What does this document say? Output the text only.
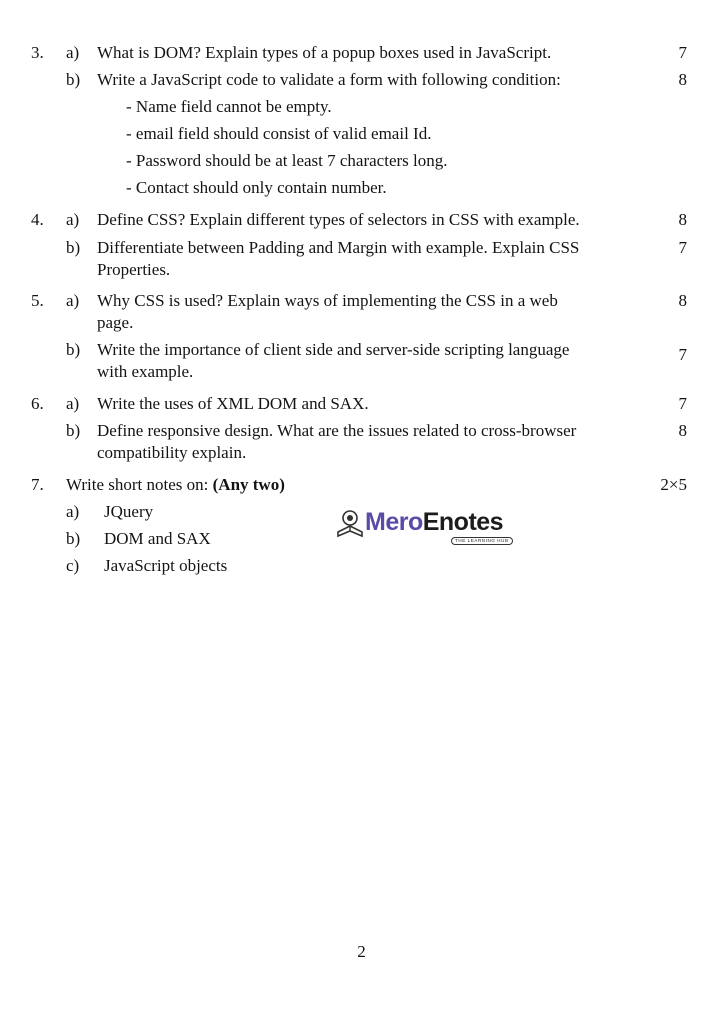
3. a) What is DOM? Explain types of a popup boxes used in JavaScript.	7
b) Write a JavaScript code to validate a form with following condition:	8
- Name field cannot be empty.
- email field should consist of valid email Id.
- Password should be at least 7 characters long.
- Contact should only contain number.
4. a) Define CSS? Explain different types of selectors in CSS with example.	8
b) Differentiate between Padding and Margin with example. Explain CSS	7
Properties.
5. a) Why CSS is used? Explain ways of implementing the CSS in a web	8
page.
b) Write the importance of client side and server-side scripting language	7
with example.
6. a) Write the uses of XML DOM and SAX.	7
b) Define responsive design. What are the issues related to cross-browser	8
compatibility explain.
7. Write short notes on: (Any two)	2×5
a) JQuery
b) DOM and SAX
c) JavaScript objects
MeroEnotes
THE LEARNING HUB
2
